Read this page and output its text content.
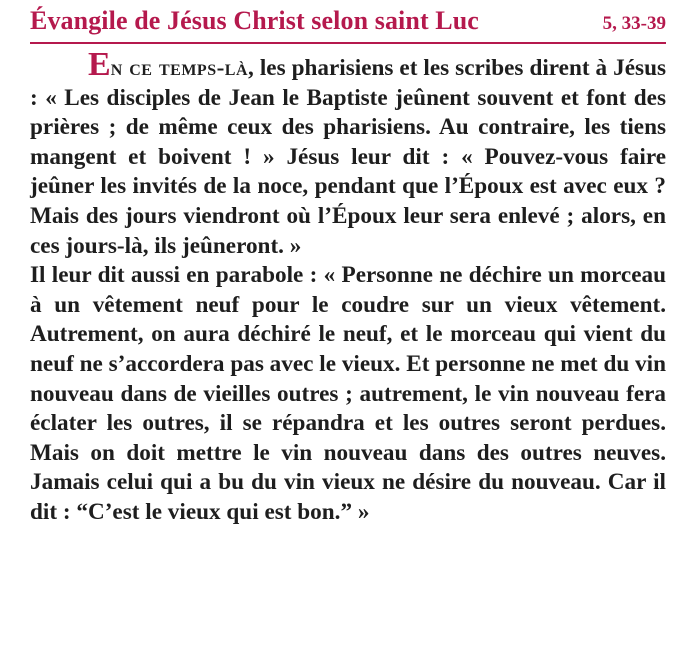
Évangile de Jésus Christ selon saint Luc	5, 33-39

En ce temps-là, les pharisiens et les scribes dirent à Jésus : « Les disciples de Jean le Baptiste jeûnent souvent et font des prières ; de même ceux des pharisiens. Au contraire, les tiens mangent et boivent ! » Jésus leur dit : « Pouvez-vous faire jeûner les invités de la noce, pendant que l’Époux est avec eux ? Mais des jours viendront où l’Époux leur sera enlevé ; alors, en ces jours-là, ils jeûneront. »

Il leur dit aussi en parabole : « Personne ne déchire un morceau à un vêtement neuf pour le coudre sur un vieux vêtement. Autrement, on aura déchiré le neuf, et le morceau qui vient du neuf ne s’accordera pas avec le vieux. Et personne ne met du vin nouveau dans de vieilles outres ; autrement, le vin nouveau fera éclater les outres, il se répandra et les outres seront perdues. Mais on doit mettre le vin nouveau dans des outres neuves. Jamais celui qui a bu du vin vieux ne désire du nouveau. Car il dit : “C’est le vieux qui est bon.” »
